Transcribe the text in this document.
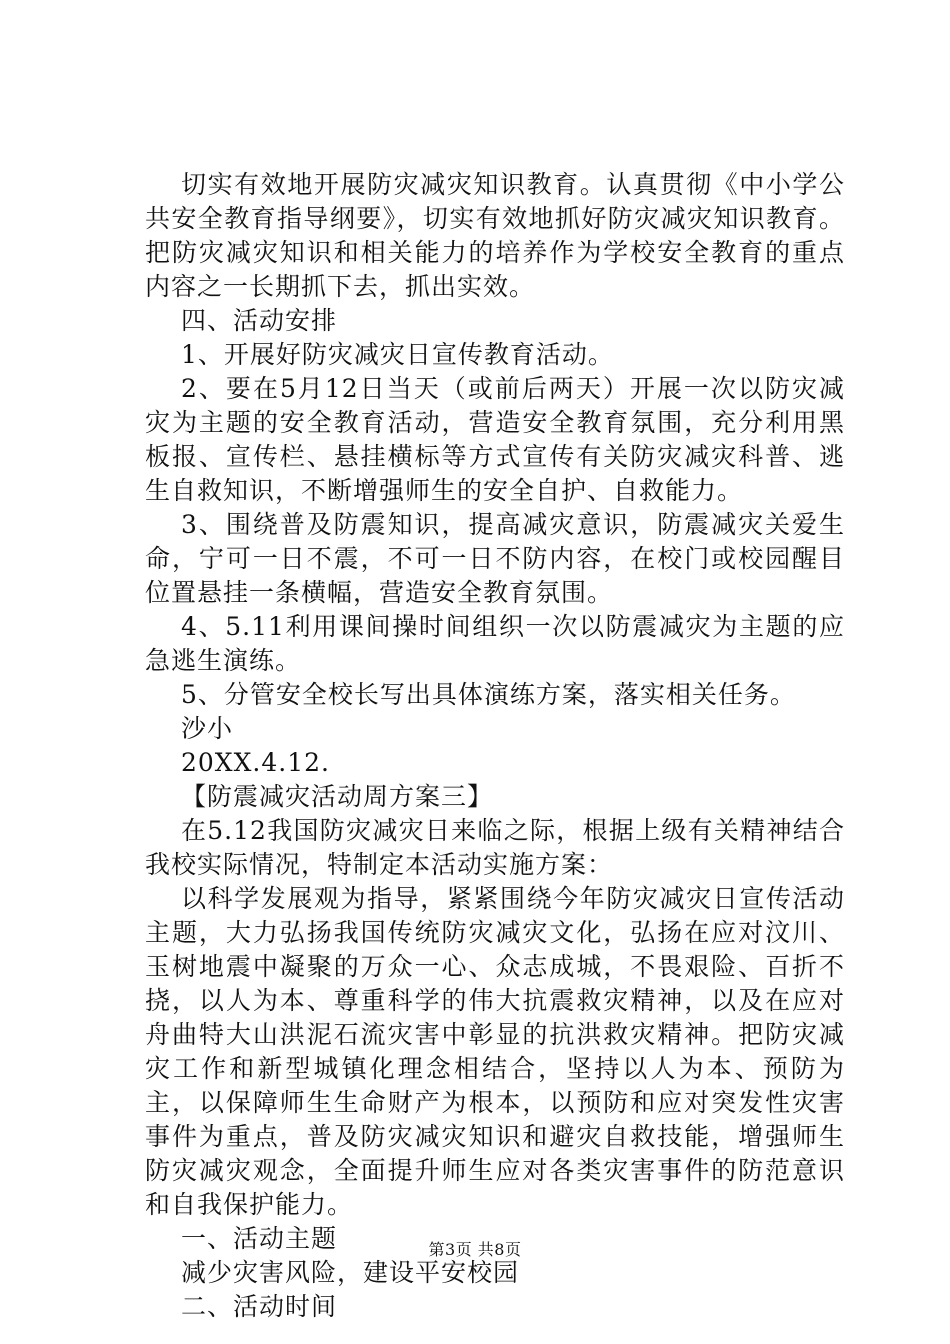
切实有效地开展防灾减灾知识教育。认真贯彻《中小学公共安全教育指导纲要》，切实有效地抓好防灾减灾知识教育。把防灾减灾知识和相关能力的培养作为学校安全教育的重点内容之一长期抓下去，抓出实效。

四、活动安排

1、开展好防灾减灾日宣传教育活动。

2、要在5月12日当天（或前后两天）开展一次以防灾减灾为主题的安全教育活动，营造安全教育氛围，充分利用黑板报、宣传栏、悬挂横标等方式宣传有关防灾减灾科普、逃生自救知识，不断增强师生的安全自护、自救能力。

3、围绕普及防震知识，提高减灾意识，防震减灾关爱生命，宁可一日不震，不可一日不防内容，在校门或校园醒目位置悬挂一条横幅，营造安全教育氛围。

4、5.11利用课间操时间组织一次以防震减灾为主题的应急逃生演练。

5、分管安全校长写出具体演练方案，落实相关任务。

沙小

20XX.4.12.

【防震减灾活动周方案三】

在5.12我国防灾减灾日来临之际，根据上级有关精神结合我校实际情况，特制定本活动实施方案：

以科学发展观为指导，紧紧围绕今年防灾减灾日宣传活动主题，大力弘扬我国传统防灾减灾文化，弘扬在应对汶川、玉树地震中凝聚的万众一心、众志成城，不畏艰险、百折不挠，以人为本、尊重科学的伟大抗震救灾精神，以及在应对舟曲特大山洪泥石流灾害中彰显的抗洪救灾精神。把防灾减灾工作和新型城镇化理念相结合，坚持以人为本、预防为主，以保障师生生命财产为根本，以预防和应对突发性灾害事件为重点，普及防灾减灾知识和避灾自救技能，增强师生防灾减灾观念，全面提升师生应对各类灾害事件的防范意识和自我保护能力。

一、活动主题

减少灾害风险，建设平安校园

二、活动时间

第3页 共8页
